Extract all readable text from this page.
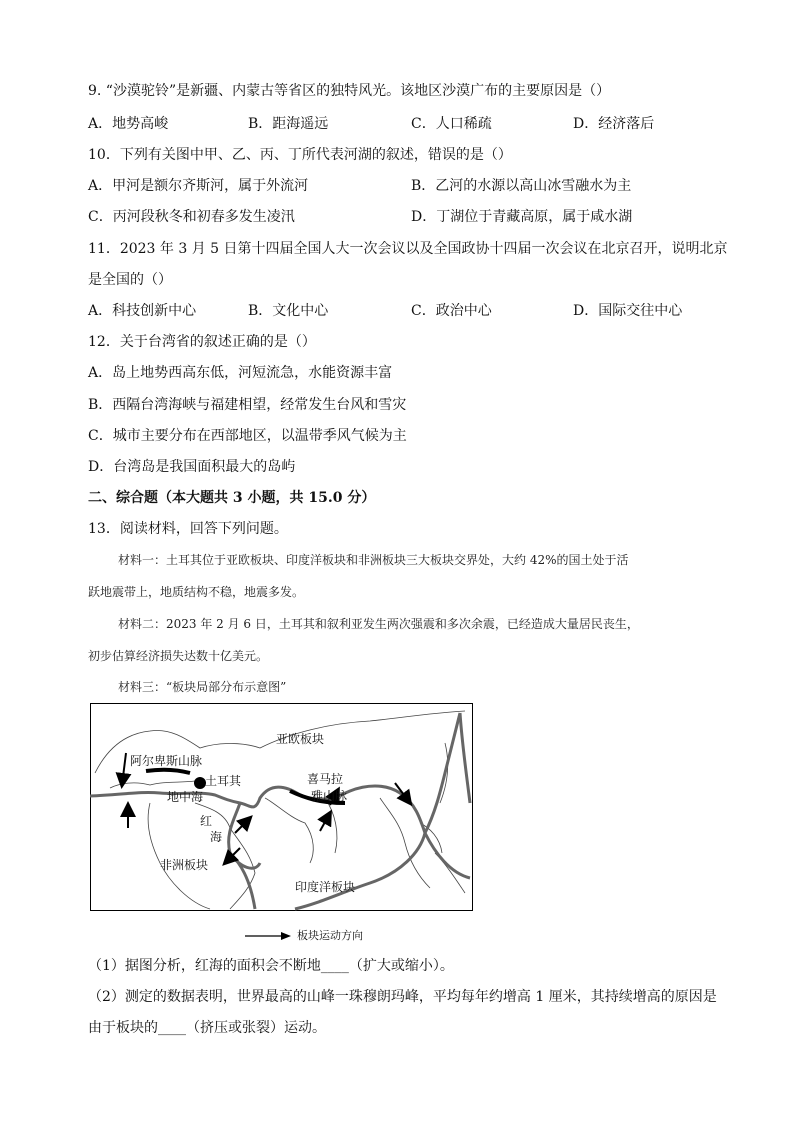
9. “沙漠驼铃”是新疆、内蒙古等省区的独特风光。该地区沙漠广布的主要原因是（）
A．地势高峻	B．距海遥远	C．人口稀疏	D．经济落后
10．下列有关图中甲、乙、丙、丁所代表河湖的叙述，错误的是（）
A．甲河是额尔齐斯河，属于外流河	B．乙河的水源以高山冰雪融水为主
C．丙河段秋冬和初春多发生凌汛	D．丁湖位于青藏高原，属于咸水湖
11．2023 年 3 月 5 日第十四届全国人大一次会议以及全国政协十四届一次会议在北京召开，说明北京
是全国的（）
A．科技创新中心	B．文化中心	C．政治中心	D．国际交往中心
12．关于台湾省的叙述正确的是（）
A．岛上地势西高东低，河短流急，水能资源丰富
B．西隔台湾海峡与福建相望，经常发生台风和雪灾
C．城市主要分布在西部地区，以温带季风气候为主
D．台湾岛是我国面积最大的岛屿
二、综合题（本大题共 3 小题，共 15.0 分）
13．阅读材料，回答下列问题。
材料一：土耳其位于亚欧板块、印度洋板块和非洲板块三大板块交界处，大约 42%的国土处于活
跃地震带上，地质结构不稳，地震多发。
材料二：2023 年 2 月 6 日，土耳其和叙利亚发生两次强震和多次余震，已经造成大量居民丧生，
初步估算经济损失达数十亿美元。
材料三：“板块局部分布示意图”
亚欧板块
阿尔卑斯山脉
土耳其
地中海
喜马拉
雅山脉
红
海
非洲板块
印度洋板块
板块运动方向
（1）据图分析，红海的面积会不断地____（扩大或缩小）。
（2）测定的数据表明，世界最高的山峰一珠穆朗玛峰，平均每年约增高 1 厘米，其持续增高的原因是
由于板块的____（挤压或张裂）运动。
